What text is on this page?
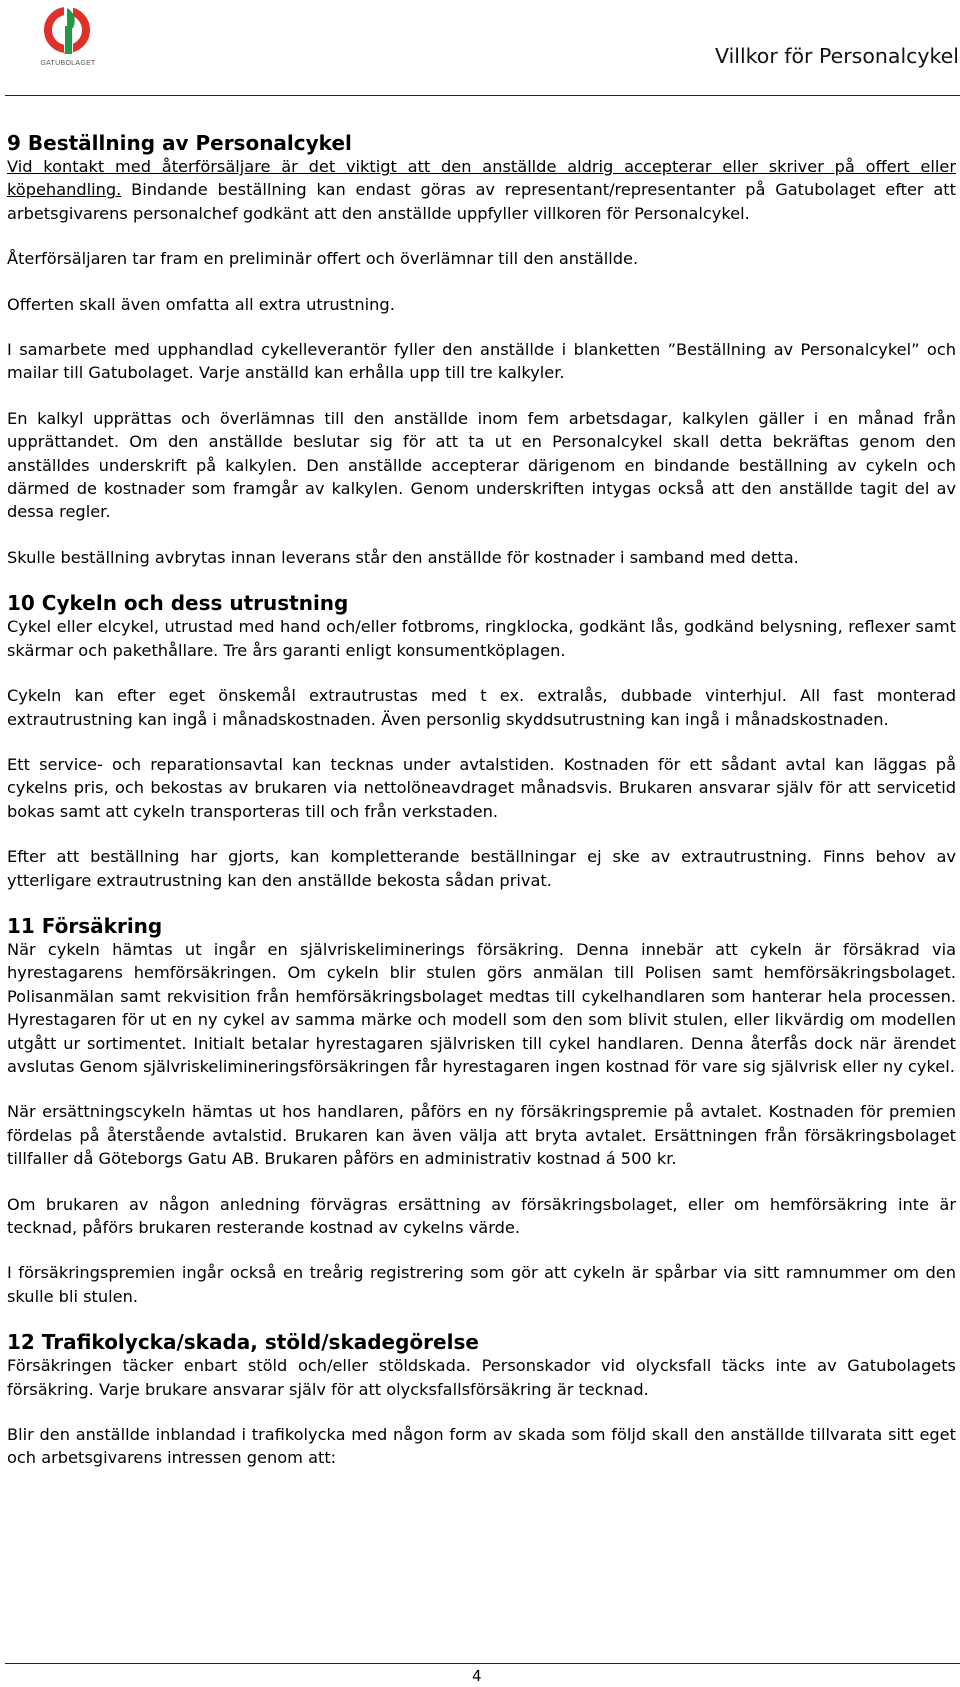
GATUBOLAGET	Villkor för Personalcykel

9 Beställning av Personalcykel

Vid kontakt med återförsäljare är det viktigt att den anställde aldrig accepterar eller skriver på offert eller köpehandling. Bindande beställning kan endast göras av representant/representanter på Gatubolaget efter att arbetsgivarens personalchef godkänt att den anställde uppfyller villkoren för Personalcykel.

Återförsäljaren tar fram en preliminär offert och överlämnar till den anställde.

Offerten skall även omfatta all extra utrustning.

I samarbete med upphandlad cykelleverantör fyller den anställde i blanketten ”Beställning av Personalcykel” och mailar till Gatubolaget. Varje anställd kan erhålla upp till tre kalkyler.

En kalkyl upprättas och överlämnas till den anställde inom fem arbetsdagar, kalkylen gäller i en månad från upprättandet. Om den anställde beslutar sig för att ta ut en Personalcykel skall detta bekräftas genom den anställdes underskrift på kalkylen. Den anställde accepterar därigenom en bindande beställning av cykeln och därmed de kostnader som framgår av kalkylen. Genom underskriften intygas också att den anställde tagit del av dessa regler.

Skulle beställning avbrytas innan leverans står den anställde för kostnader i samband med detta.

10 Cykeln och dess utrustning

Cykel eller elcykel, utrustad med hand och/eller fotbroms, ringklocka, godkänt lås, godkänd belysning, reflexer samt skärmar och pakethållare. Tre års garanti enligt konsumentköplagen.

Cykeln kan efter eget önskemål extrautrustas med t ex. extralås, dubbade vinterhjul. All fast monterad extrautrustning kan ingå i månadskostnaden. Även personlig skyddsutrustning kan ingå i månadskostnaden.

Ett service- och reparationsavtal kan tecknas under avtalstiden. Kostnaden för ett sådant avtal kan läggas på cykelns pris, och bekostas av brukaren via nettolöneavdraget månadsvis. Brukaren ansvarar själv för att servicetid bokas samt att cykeln transporteras till och från verkstaden.

Efter att beställning har gjorts, kan kompletterande beställningar ej ske av extrautrustning. Finns behov av ytterligare extrautrustning kan den anställde bekosta sådan privat.

11 Försäkring

När cykeln hämtas ut ingår en självriskeliminerings försäkring. Denna innebär att cykeln är försäkrad via hyrestagarens hemförsäkringen. Om cykeln blir stulen görs anmälan till Polisen samt hemförsäkringsbolaget. Polisanmälan samt rekvisition från hemförsäkringsbolaget medtas till cykelhandlaren som hanterar hela processen. Hyrestagaren för ut en ny cykel av samma märke och modell som den som blivit stulen, eller likvärdig om modellen utgått ur sortimentet. Initialt betalar hyrestagaren självrisken till cykel handlaren. Denna återfås dock när ärendet avslutas Genom självriskelimineringsförsäkringen får hyrestagaren ingen kostnad för vare sig självrisk eller ny cykel.

När ersättningscykeln hämtas ut hos handlaren, påförs en ny försäkringspremie på avtalet. Kostnaden för premien fördelas på återstående avtalstid. Brukaren kan även välja att bryta avtalet. Ersättningen från försäkringsbolaget tillfaller då Göteborgs Gatu AB. Brukaren påförs en administrativ kostnad á 500 kr.

Om brukaren av någon anledning förvägras ersättning av försäkringsbolaget, eller om hemförsäkring inte är tecknad, påförs brukaren resterande kostnad av cykelns värde.

I försäkringspremien ingår också en treårig registrering som gör att cykeln är spårbar via sitt ramnummer om den skulle bli stulen.

12 Trafikolycka/skada, stöld/skadegörelse

Försäkringen täcker enbart stöld och/eller stöldskada. Personskador vid olycksfall täcks inte av Gatubolagets försäkring. Varje brukare ansvarar själv för att olycksfallsförsäkring är tecknad.

Blir den anställde inblandad i trafikolycka med någon form av skada som följd skall den anställde tillvarata sitt eget och arbetsgivarens intressen genom att:

4
